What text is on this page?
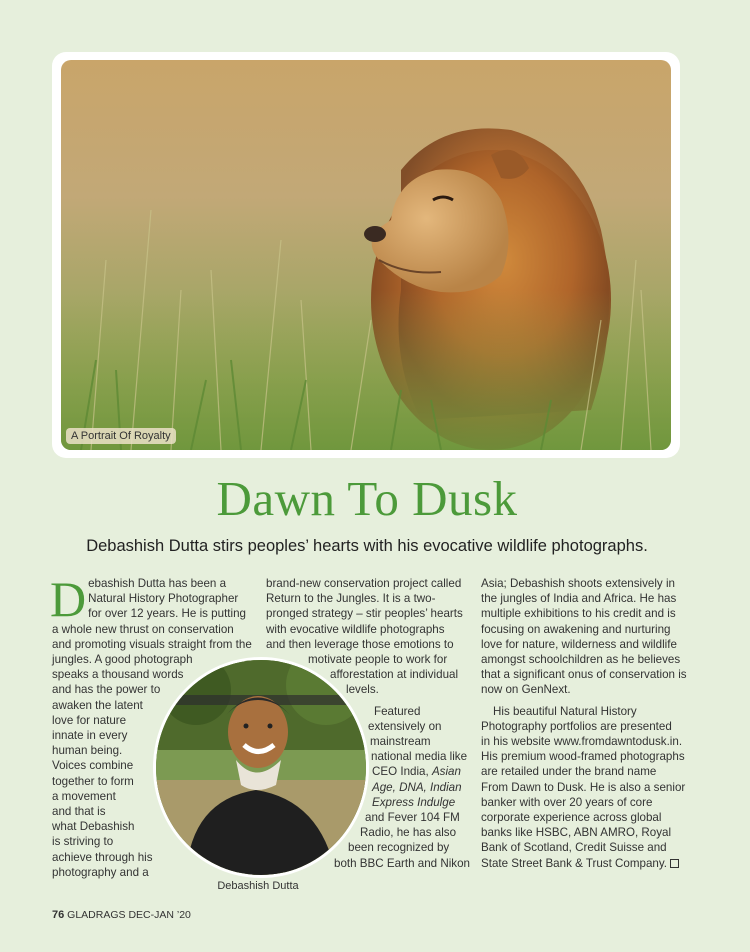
A Portrait Of Royalty
Dawn To Dusk
Debashish Dutta stirs peoples’ hearts with his evocative wildlife photographs.
D ebashish Dutta has been a
Natural History Photographer
for over 12 years. He is putting
a whole new thrust on conservation
and promoting visuals straight from the
jungles. A good photograph
speaks a thousand words
and has the power to
awaken the latent
love for nature
innate in every
human being.
Voices combine
together to form
a movement
and that is
what Debashish
is striving to
achieve through his
photography and a
brand-new conservation project called
Return to the Jungles. It is a two-
pronged strategy – stir peoples’ hearts
with evocative wildlife photographs
and then leverage those emotions to
motivate people to work for
afforestation at individual
levels.
Featured
extensively on
mainstream
national media like
CEO India, Asian
Age, DNA, Indian
Express Indulge
and Fever 104 FM
Radio, he has also
been recognized by
both BBC Earth and Nikon
Asia; Debashish shoots extensively in
the jungles of India and Africa. He has
multiple exhibitions to his credit and is
focusing on awakening and nurturing
love for nature, wilderness and wildlife
amongst schoolchildren as he believes
that a significant onus of conservation is
now on GenNext.
His beautiful Natural History
Photography portfolios are presented
in his website www.fromdawntodusk.in.
His premium wood-framed photographs
are retailed under the brand name
From Dawn to Dusk. He is also a senior
banker with over 20 years of core
corporate experience across global
banks like HSBC, ABN AMRO, Royal
Bank of Scotland, Credit Suisse and
State Street Bank & Trust Company.
Debashish Dutta
76 GLADRAGS DEC-JAN ’20
